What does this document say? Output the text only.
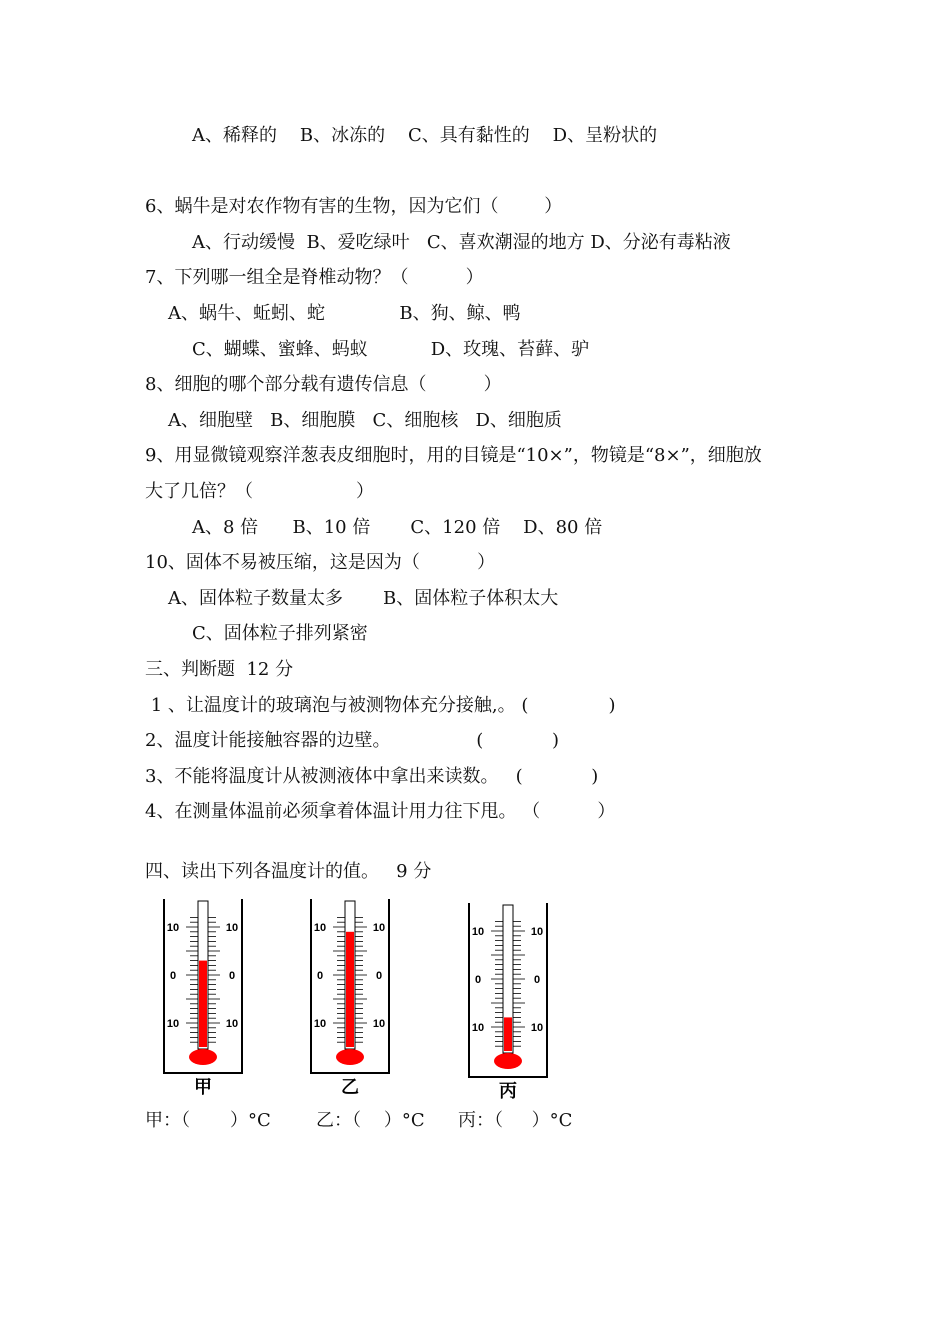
A、稀释的    B、冰冻的    C、具有黏性的    D、呈粉状的
6、蜗牛是对农作物有害的生物，因为它们（        ）
A、行动缓慢  B、爱吃绿叶   C、喜欢潮湿的地方 D、分泌有毒粘液
7、下列哪一组全是脊椎动物？（          ）
A、蜗牛、蚯蚓、蛇             B、狗、鲸、鸭
C、蝴蝶、蜜蜂、蚂蚁           D、玫瑰、苔藓、驴
8、细胞的哪个部分载有遗传信息（          ）
A、细胞壁   B、细胞膜   C、细胞核   D、细胞质
9、用显微镜观察洋葱表皮细胞时，用的目镜是“10×”，物镜是“8×”，细胞放
大了几倍？（                  ）
A、8 倍      B、10 倍       C、120 倍    D、80 倍
10、固体不易被压缩，这是因为（          ）
A、固体粒子数量太多       B、固体粒子体积太大
C、固体粒子排列紧密
三、判断题  12 分
1 、让温度计的玻璃泡与被测物体充分接触,。 (              )
2、温度计能接触容器的边壁。               (            )
3、不能将温度计从被测液体中拿出来读数。   (            )
4、在测量体温前必须拿着体温计用力往下甩。 （          ）
四、读出下列各温度计的值。   9 分
10	10
0	0
10	10
甲
10	10
0	0
10	10
乙
10	10
0	0
10	10
丙
甲：（       ）°C	乙：（    ）°C 丙：（     ）°C
